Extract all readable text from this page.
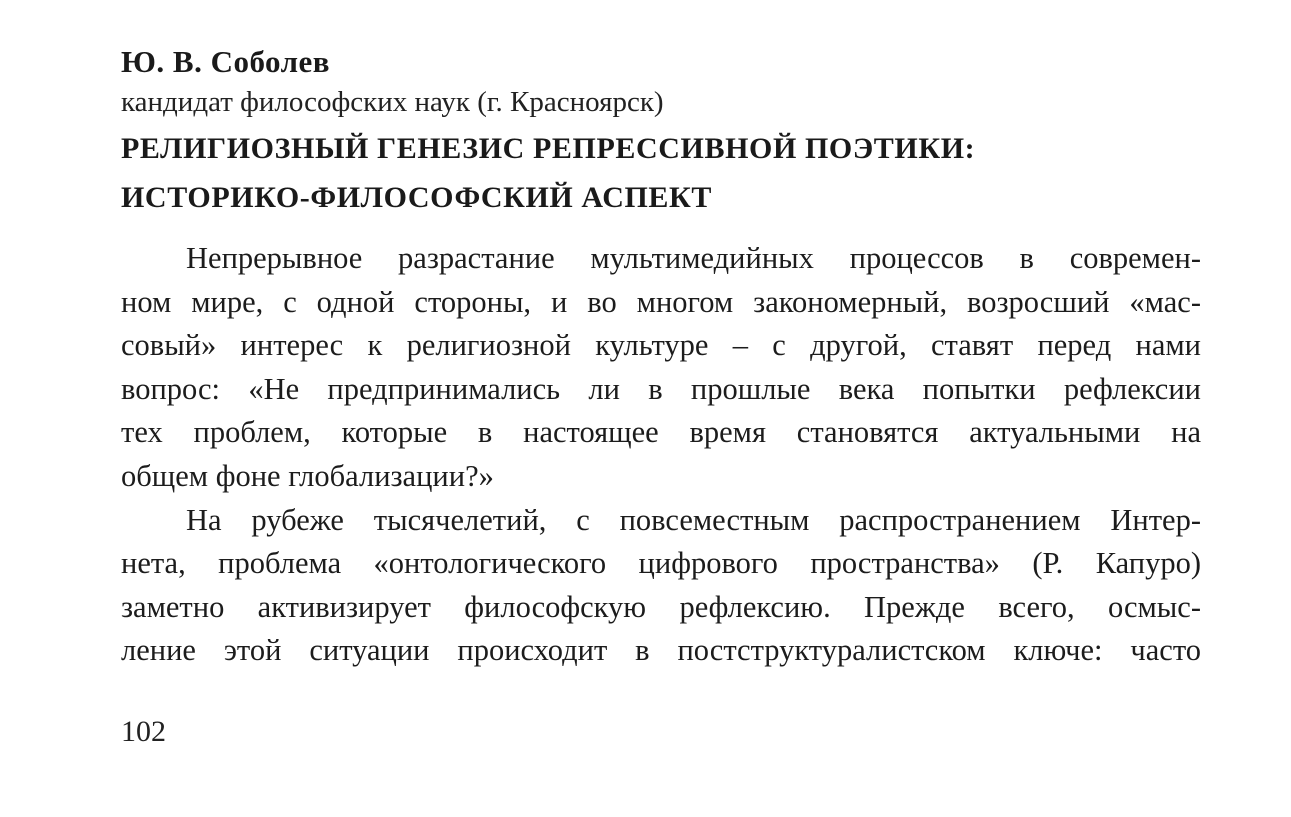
Ю. В. Соболев
кандидат философских наук (г. Красноярск)
РЕЛИГИОЗНЫЙ ГЕНЕЗИС РЕПРЕССИВНОЙ ПОЭТИКИ:
ИСТОРИКО-ФИЛОСОФСКИЙ АСПЕКТ
Непрерывное разрастание мультимедийных процессов в современ-
ном мире, с одной стороны, и во многом закономерный, возросший «мас-
совый» интерес к религиозной культуре – с другой, ставят перед нами
вопрос: «Не предпринимались ли в прошлые века попытки рефлексии
тех проблем, которые в настоящее время становятся актуальными на
общем фоне глобализации?»
На рубеже тысячелетий, с повсеместным распространением Интер-
нета, проблема «онтологического цифрового пространства» (Р. Капуро)
заметно активизирует философскую рефлексию. Прежде всего, осмыс-
ление этой ситуации происходит в постструктуралистском ключе: часто
102
